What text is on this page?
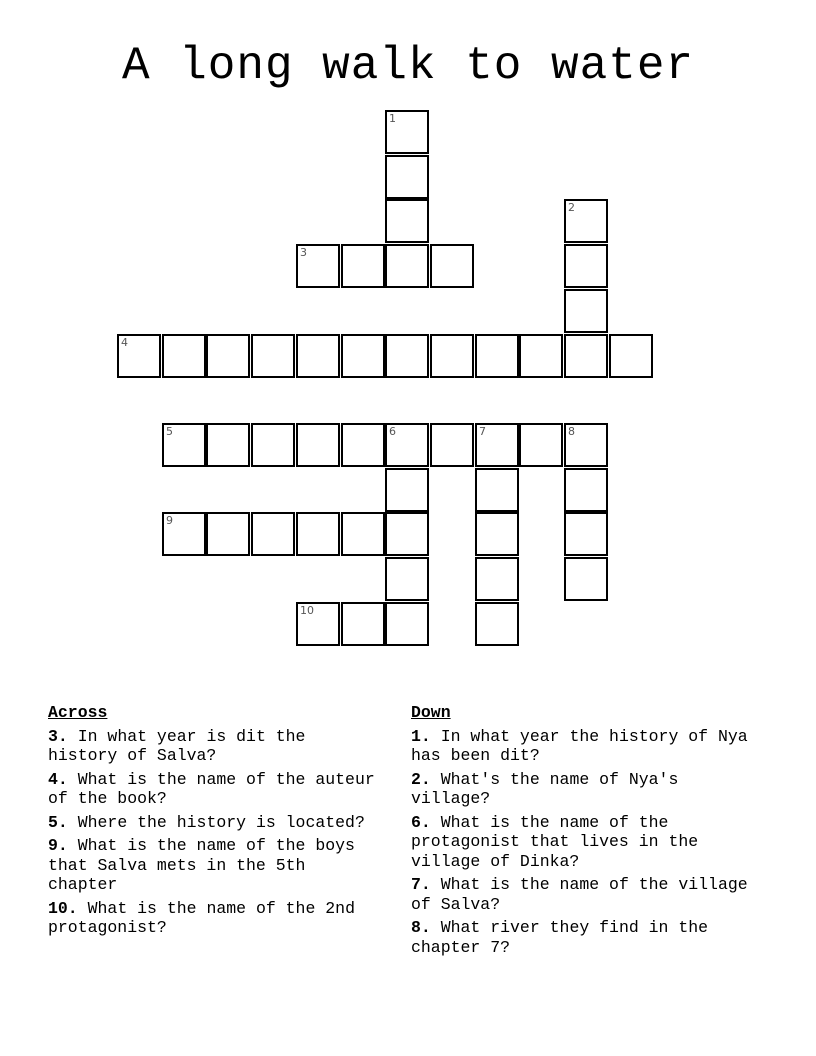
A long walk to water
1
2
3
4
5	6	7	8
9
10
Across
3. In what year is dit the history of Salva?
4. What is the name of the auteur of the book?
5. Where the history is located?
9. What is the name of the boys that Salva mets in the 5th chapter
10. What is the name of the 2nd protagonist?
Down
1. In what year the history of Nya has been dit?
2. What's the name of Nya's village?
6. What is the name of the protagonist that lives in the village of Dinka?
7. What is the name of the village of Salva?
8. What river they find in the chapter 7?
